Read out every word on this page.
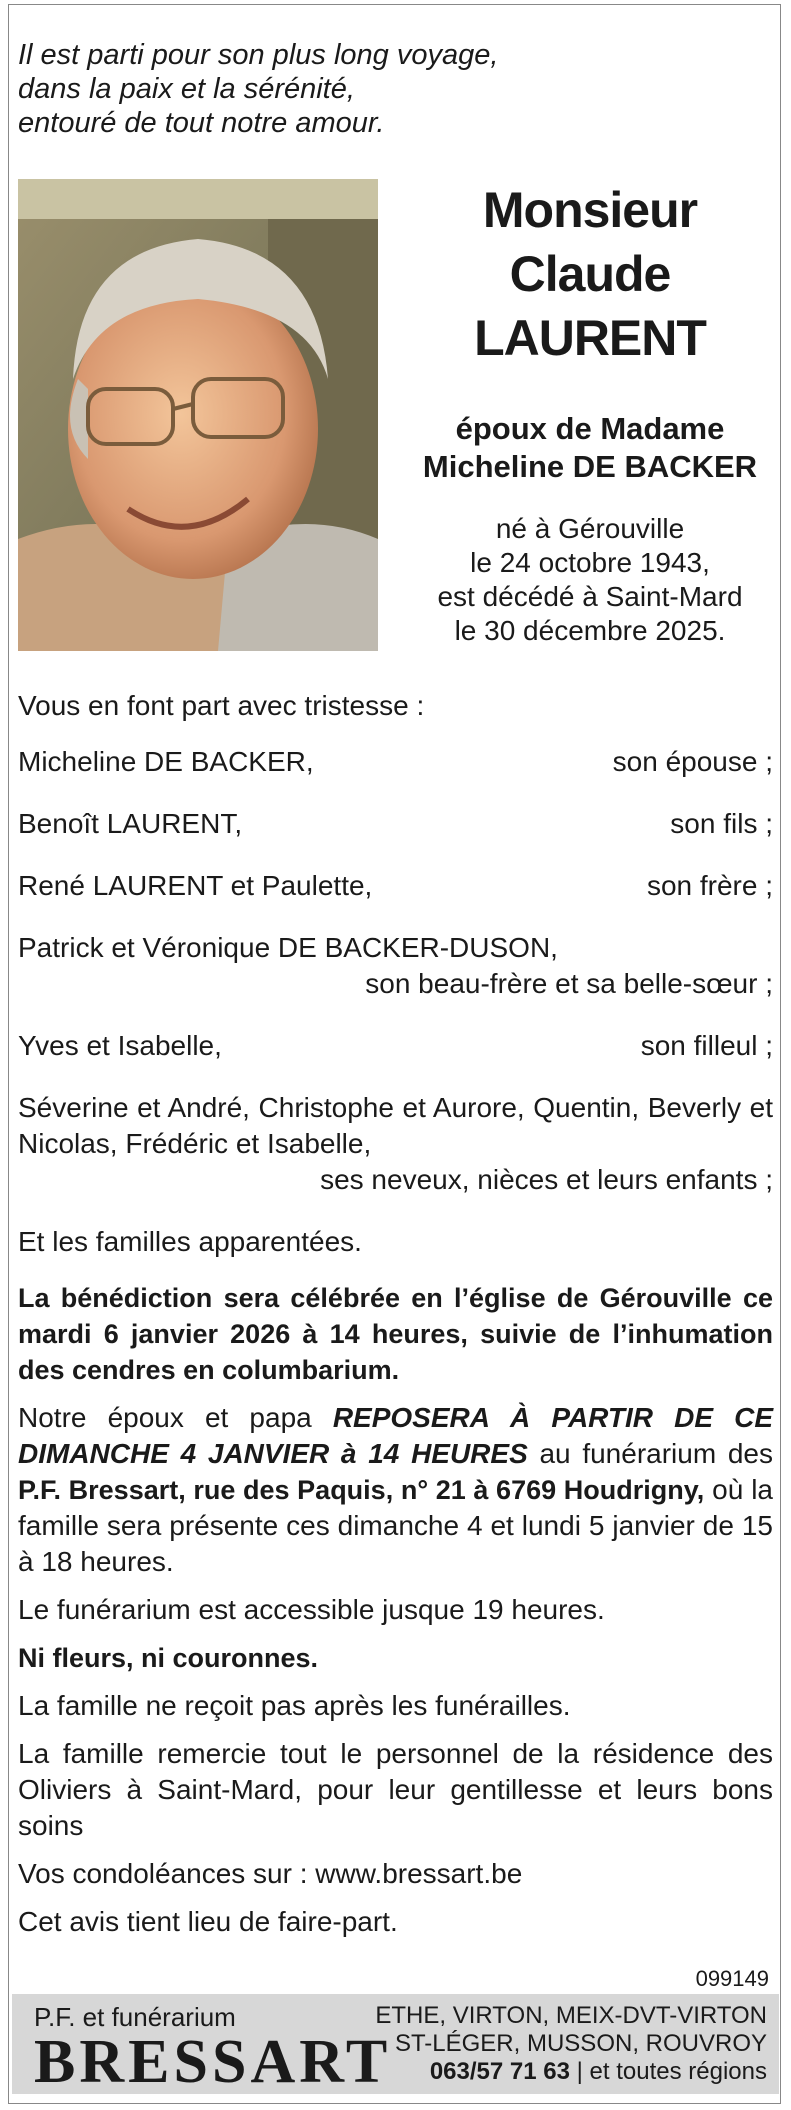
Il est parti pour son plus long voyage,
dans la paix et la sérénité,
entouré de tout notre amour.
Monsieur
Claude
LAURENT
époux de Madame
Micheline DE BACKER
né à Gérouville
le 24 octobre 1943,
est décédé à Saint-Mard
le 30 décembre 2025.
Vous en font part avec tristesse :
Micheline DE BACKER,	son épouse ;
Benoît LAURENT,	son fils ;
René LAURENT et Paulette,	son frère ;
Patrick et Véronique DE BACKER-DUSON,
son beau-frère et sa belle-sœur ;
Yves et Isabelle,	son filleul ;
Séverine et André, Christophe et Aurore, Quentin, Beverly et Nicolas, Frédéric et Isabelle,
ses neveux, nièces et leurs enfants ;
Et les familles apparentées.
La bénédiction sera célébrée en l’église de Gérouville ce mardi 6 janvier 2026 à 14 heures, suivie de l’inhumation des cendres en columbarium.
Notre époux et papa REPOSERA À PARTIR DE CE DIMANCHE 4 JANVIER à 14 HEURES au funérarium des P.F. Bressart, rue des Paquis, n° 21 à 6769 Houdrigny, où la famille sera présente ces dimanche 4 et lundi 5 janvier de 15 à 18 heures.
Le funérarium est accessible jusque 19 heures.
Ni fleurs, ni couronnes.
La famille ne reçoit pas après les funérailles.
La famille remercie tout le personnel de la résidence des Oliviers à Saint-Mard, pour leur gentillesse et leurs bons soins
Vos condoléances sur : www.bressart.be
Cet avis tient lieu de faire-part.
099149
P.F. et funérarium
BRESSART
ETHE, VIRTON, MEIX-DVT-VIRTON
ST-LÉGER, MUSSON, ROUVROY
063/57 71 63 | et toutes régions
